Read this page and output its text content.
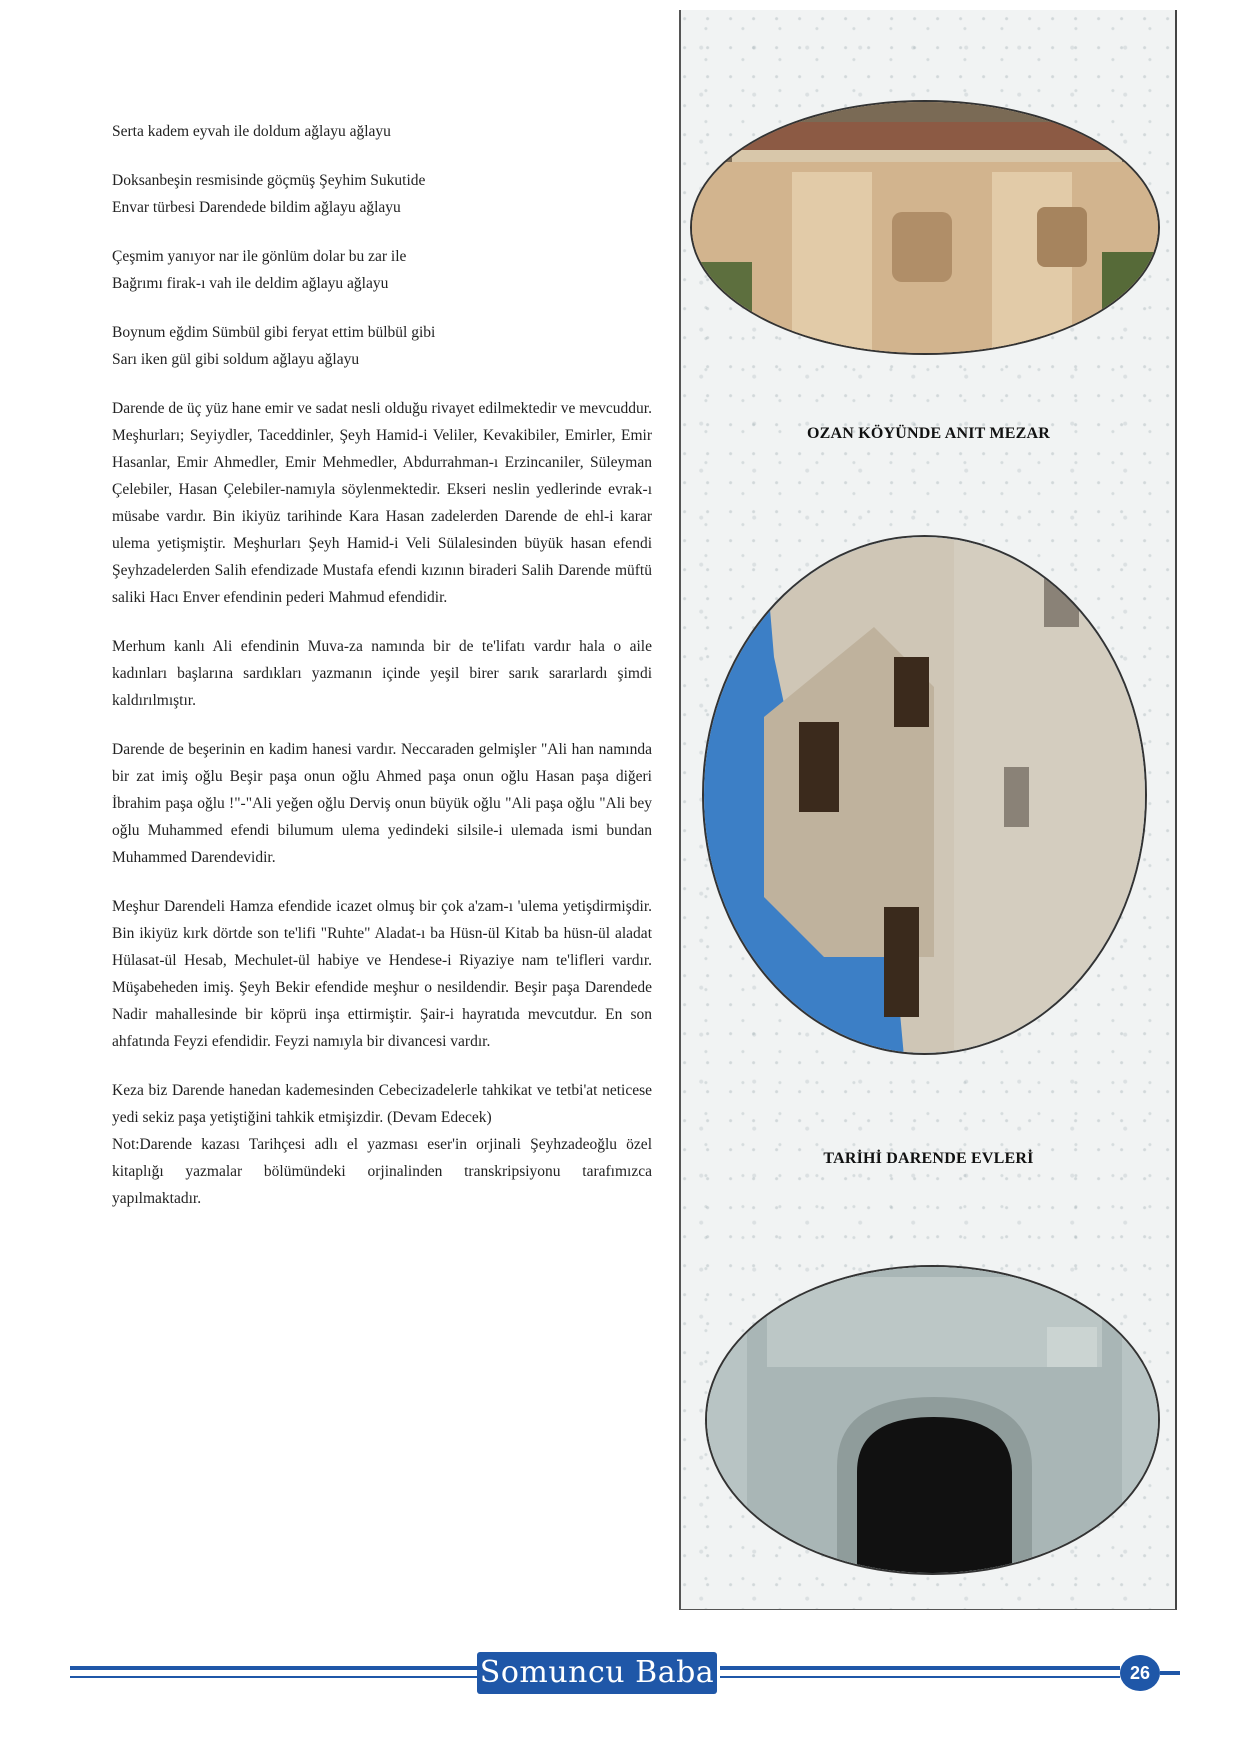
Serta kadem eyvah ile doldum ağlayu ağlayu

Doksanbeşin resmisinde göçmüş Şeyhim Sukutide
Envar türbesi Darendede bildim ağlayu ağlayu

Çeşmim yanıyor nar ile gönlüm dolar bu zar ile
Bağrımı firak-ı vah ile deldim ağlayu ağlayu

Boynum eğdim Sümbül gibi feryat ettim bülbül gibi
Sarı iken gül gibi soldum ağlayu ağlayu

Darende de üç yüz hane emir ve sadat nesli olduğu rivayet edilmektedir ve mevcuddur. Meşhurları; Seyiydler, Taceddinler, Şeyh Hamid-i Veliler, Kevakibiler, Emirler, Emir Hasanlar, Emir Ahmedler, Emir Mehmedler, Abdurrahman-ı Erzincaniler, Süleyman Çelebiler, Hasan Çelebiler-namıyla söylenmektedir. Ekseri neslin yedlerinde evrak-ı müsabe vardır. Bin ikiyüz tarihinde Kara Hasan zadelerden Darende de ehl-i karar ulema yetişmiştir. Meşhurları Şeyh Hamid-i Veli Sülalesinden büyük hasan efendi Şeyhzadelerden Salih efendizade Mustafa efendi kızının biraderi Salih Darende müftü saliki Hacı Enver efendinin pederi Mahmud efendidir.

Merhum kanlı Ali efendinin Muva-za namında bir de te'lifatı vardır hala o aile kadınları başlarına sardıkları yazmanın içinde yeşil birer sarık sararlardı şimdi kaldırılmıştır.

Darende de beşerinin en kadim hanesi vardır. Neccaraden gelmişler "Ali han namında bir zat imiş oğlu Beşir paşa onun oğlu Ahmed paşa onun oğlu Hasan paşa diğeri İbrahim paşa oğlu !"-"Ali yeğen oğlu Derviş onun büyük oğlu "Ali paşa oğlu "Ali bey oğlu Muhammed efendi bilumum ulema yedindeki silsile-i ulemada ismi bundan Muhammed Darendevidir.

Meşhur Darendeli Hamza efendide icazet olmuş bir çok a'zam-ı 'ulema yetişdirmişdir. Bin ikiyüz kırk dörtde son te'lifi "Ruhte" Aladat-ı ba Hüsn-ül Kitab ba hüsn-ül aladat Hülasat-ül Hesab, Mechulet-ül habiye ve Hendese-i Riyaziye nam te'lifleri vardır. Müşabeheden imiş. Şeyh Bekir efendide meşhur o nesildendir. Beşir paşa Darendede Nadir mahallesinde bir köprü inşa ettirmiştir. Şair-i hayratıda mevcutdur. En son ahfatında Feyzi efendidir. Feyzi namıyla bir divancesi vardır.

Keza biz Darende hanedan kademesinden Cebecizadelerle tahkikat ve tetbi'at neticese yedi sekiz paşa yetiştiğini tahkik etmişizdir. (Devam Edecek)

Not:Darende kazası Tarihçesi adlı el yazması eser'in orjinali Şeyhzadeoğlu özel kitaplığı yazmalar bölümündeki orjinalinden transkripsiyonu tarafımızca yapılmaktadır.

OZAN KÖYÜNDE ANIT MEZAR
TARİHİ DARENDE EVLERİ
Somuncu Baba	26
